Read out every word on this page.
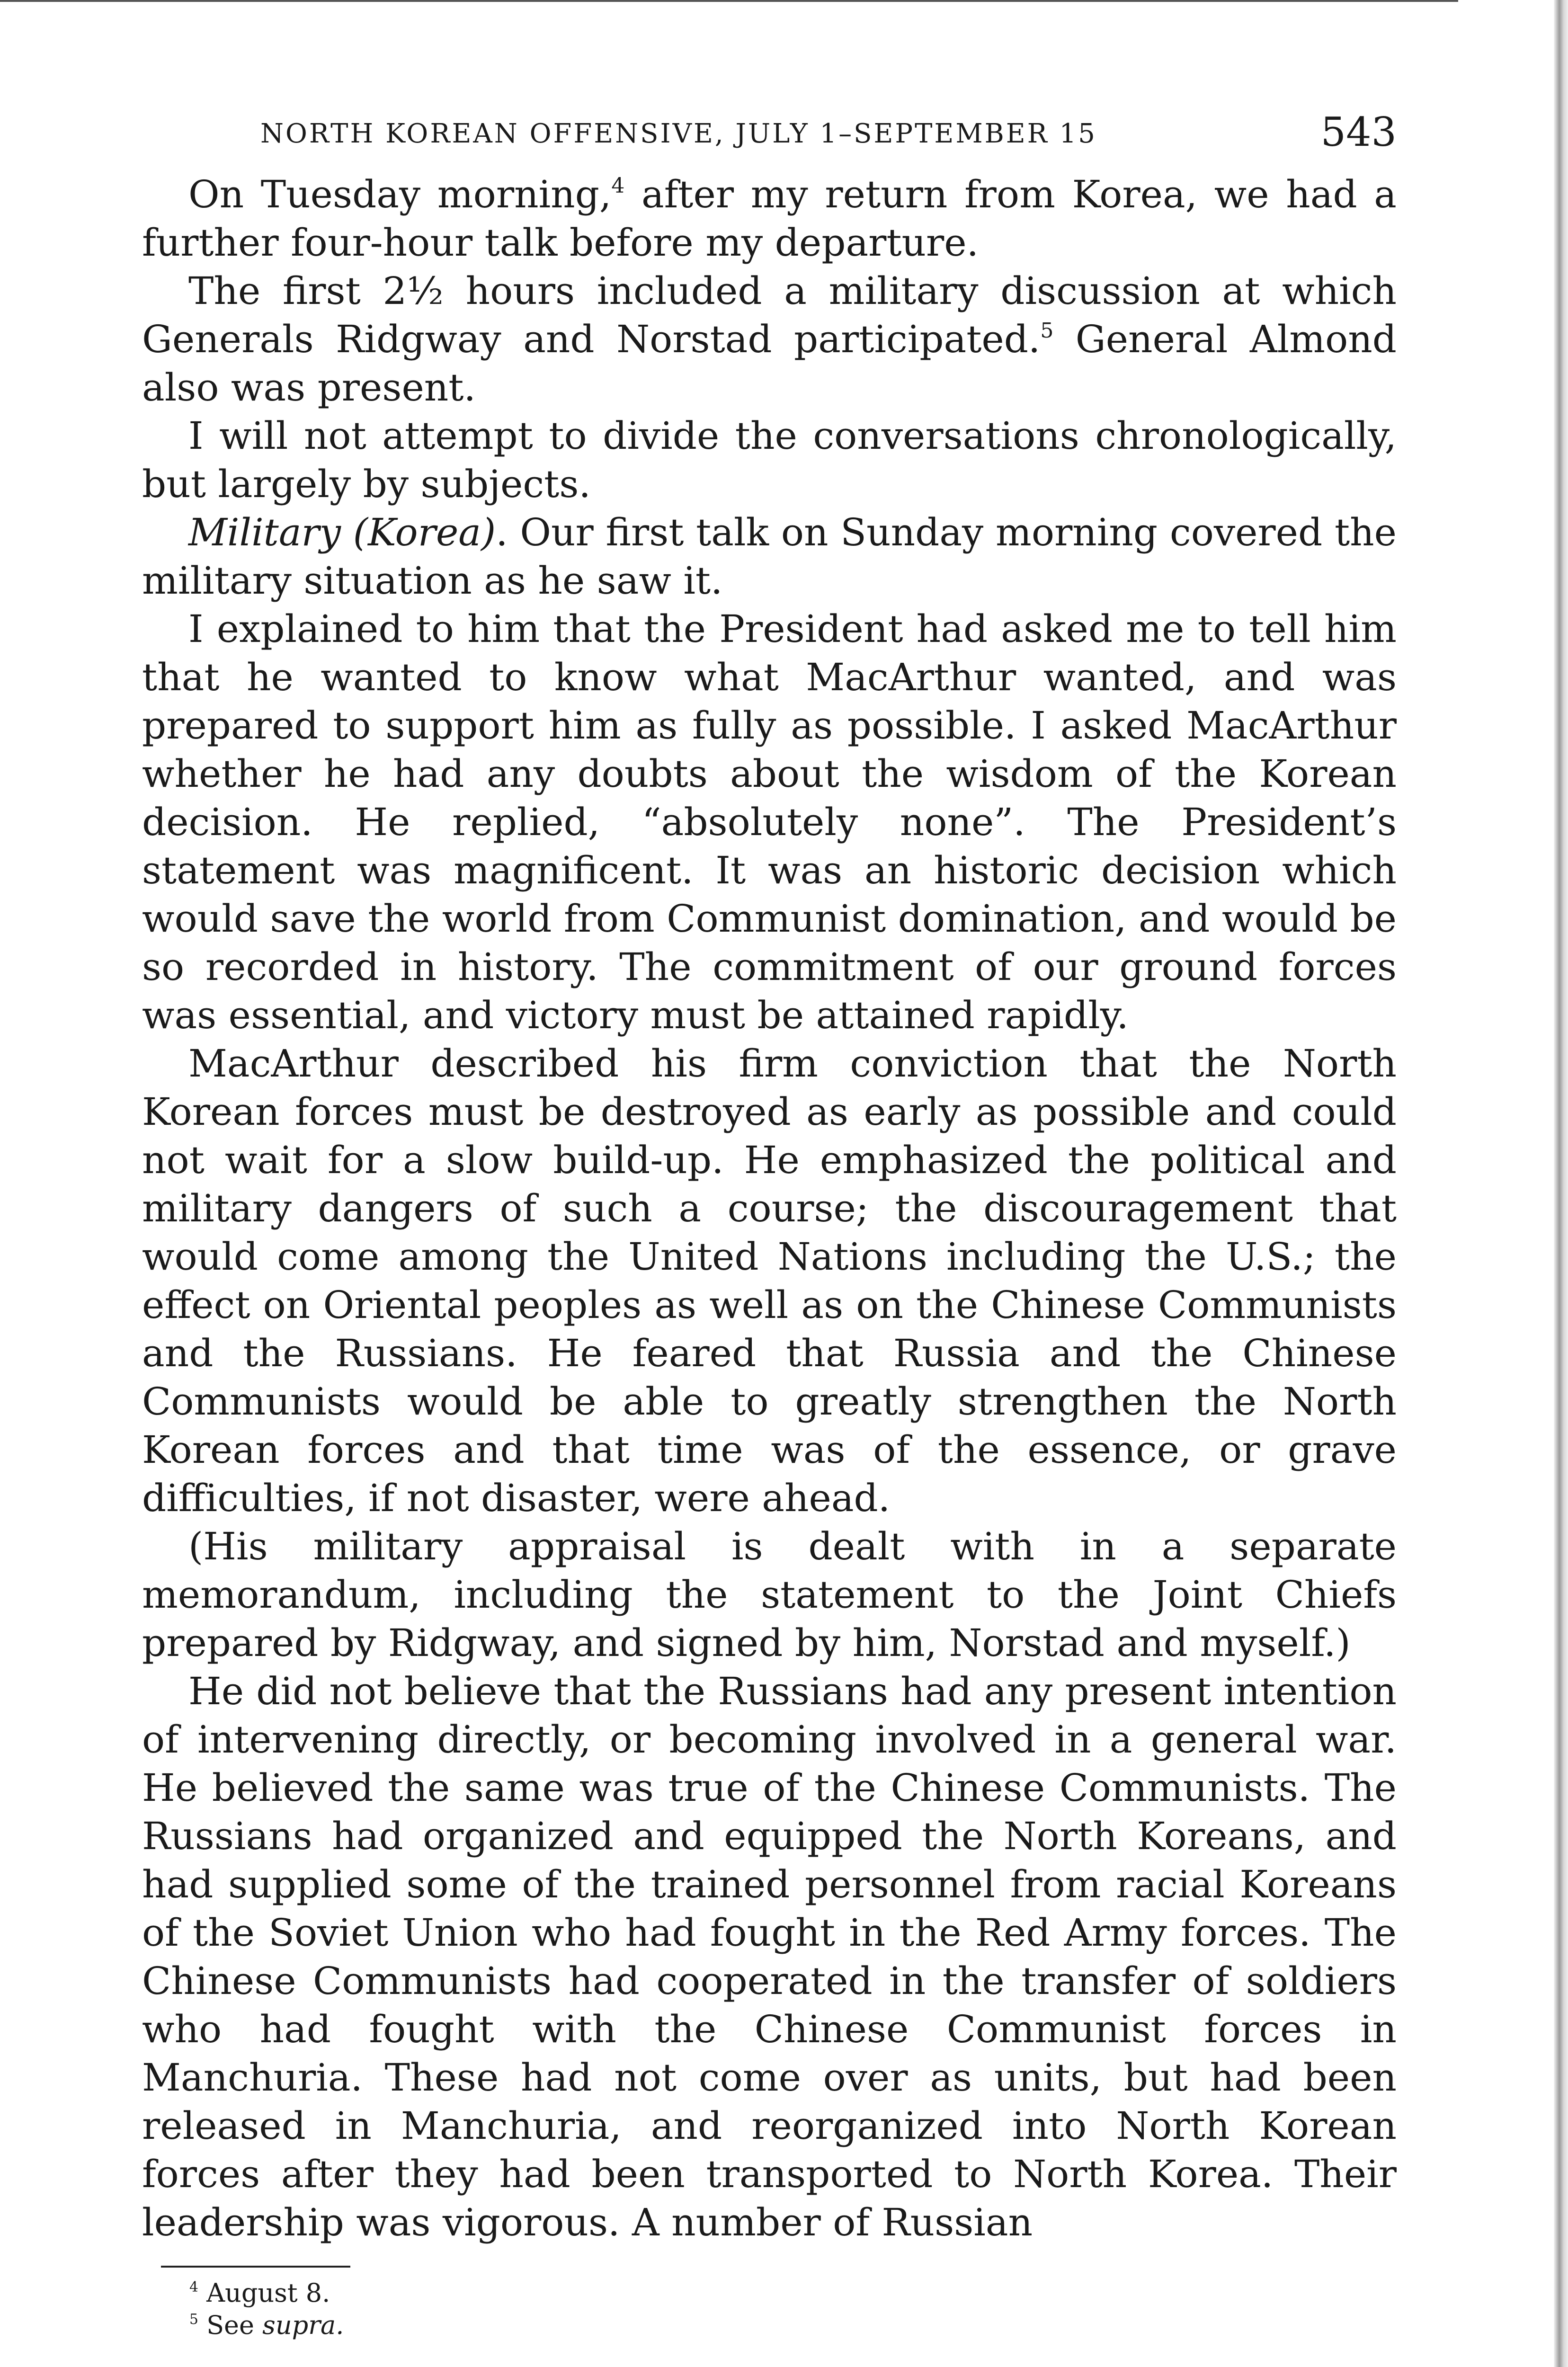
NORTH KOREAN OFFENSIVE, JULY 1–SEPTEMBER 15	543

On Tuesday morning,$^4$ after my return from Korea, we had a further four-hour talk before my departure.

The first 2½ hours included a military discussion at which Generals Ridgway and Norstad participated.$^5$ General Almond also was present.

I will not attempt to divide the conversations chronologically, but largely by subjects.

Military (Korea). Our first talk on Sunday morning covered the military situation as he saw it.

I explained to him that the President had asked me to tell him that he wanted to know what MacArthur wanted, and was prepared to support him as fully as possible. I asked MacArthur whether he had any doubts about the wisdom of the Korean decision. He replied, “absolutely none”. The President’s statement was magnificent. It was an historic decision which would save the world from Communist domination, and would be so recorded in history. The commitment of our ground forces was essential, and victory must be attained rapidly.

MacArthur described his firm conviction that the North Korean forces must be destroyed as early as possible and could not wait for a slow build-up. He emphasized the political and military dangers of such a course; the discouragement that would come among the United Nations including the U.S.; the effect on Oriental peoples as well as on the Chinese Communists and the Russians. He feared that Russia and the Chinese Communists would be able to greatly strengthen the North Korean forces and that time was of the essence, or grave difficulties, if not disaster, were ahead.

(His military appraisal is dealt with in a separate memorandum, including the statement to the Joint Chiefs prepared by Ridgway, and signed by him, Norstad and myself.)

He did not believe that the Russians had any present intention of intervening directly, or becoming involved in a general war. He believed the same was true of the Chinese Communists. The Russians had organized and equipped the North Koreans, and had supplied some of the trained personnel from racial Koreans of the Soviet Union who had fought in the Red Army forces. The Chinese Communists had cooperated in the transfer of soldiers who had fought with the Chinese Communist forces in Manchuria. These had not come over as units, but had been released in Manchuria, and reorganized into North Korean forces after they had been transported to North Korea. Their leadership was vigorous. A number of Russian

$^4$ August 8.
$^5$ See supra.
